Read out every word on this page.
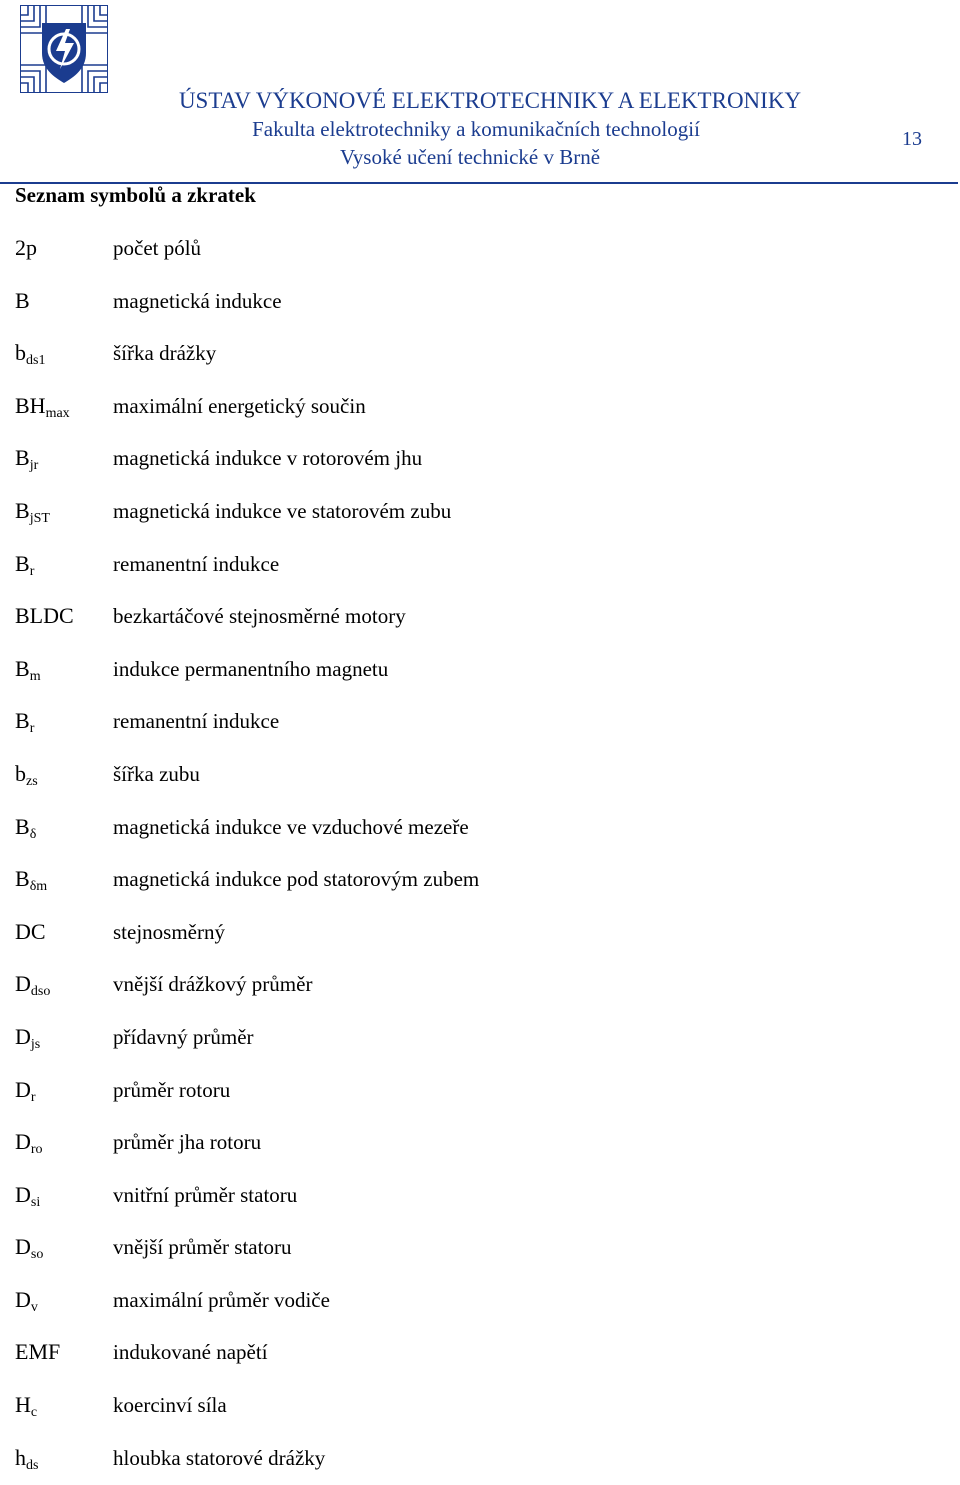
ÚSTAV VÝKONOVÉ ELEKTROTECHNIKY A ELEKTRONIKY
Fakulta elektrotechniky a komunikačních technologií
Vysoké učení technické v Brně
13
Seznam symbolů a zkratek
2p	počet pólů
B	magnetická indukce
$b_{ds1}$	šířka drážky
$BH_{max}$ maximální energetický součin
$B_{jr}$	magnetická indukce v rotorovém jhu
$B_{jST}$	magnetická indukce ve statorovém zubu
$B_r$	remanentní indukce
BLDC bezkartáčové stejnosměrné motory
$B_m$	indukce permanentního magnetu
$B_r$	remanentní indukce
$b_{zs}$	šířka zubu
$B_\delta$	magnetická indukce ve vzduchové mezeře
$B_{\delta m}$	magnetická indukce pod statorovým zubem
DC	stejnosměrný
$D_{dso}$	vnější drážkový průměr
$D_{js}$	přídavný průměr
$D_r$	průměr rotoru
$D_{ro}$	průměr jha rotoru
$D_{si}$	vnitřní průměr statoru
$D_{so}$	vnější průměr statoru
$D_v$	maximální průměr vodiče
EMF	indukované napětí
$H_c$	koercinví síla
$h_{ds}$	hloubka statorové drážky
